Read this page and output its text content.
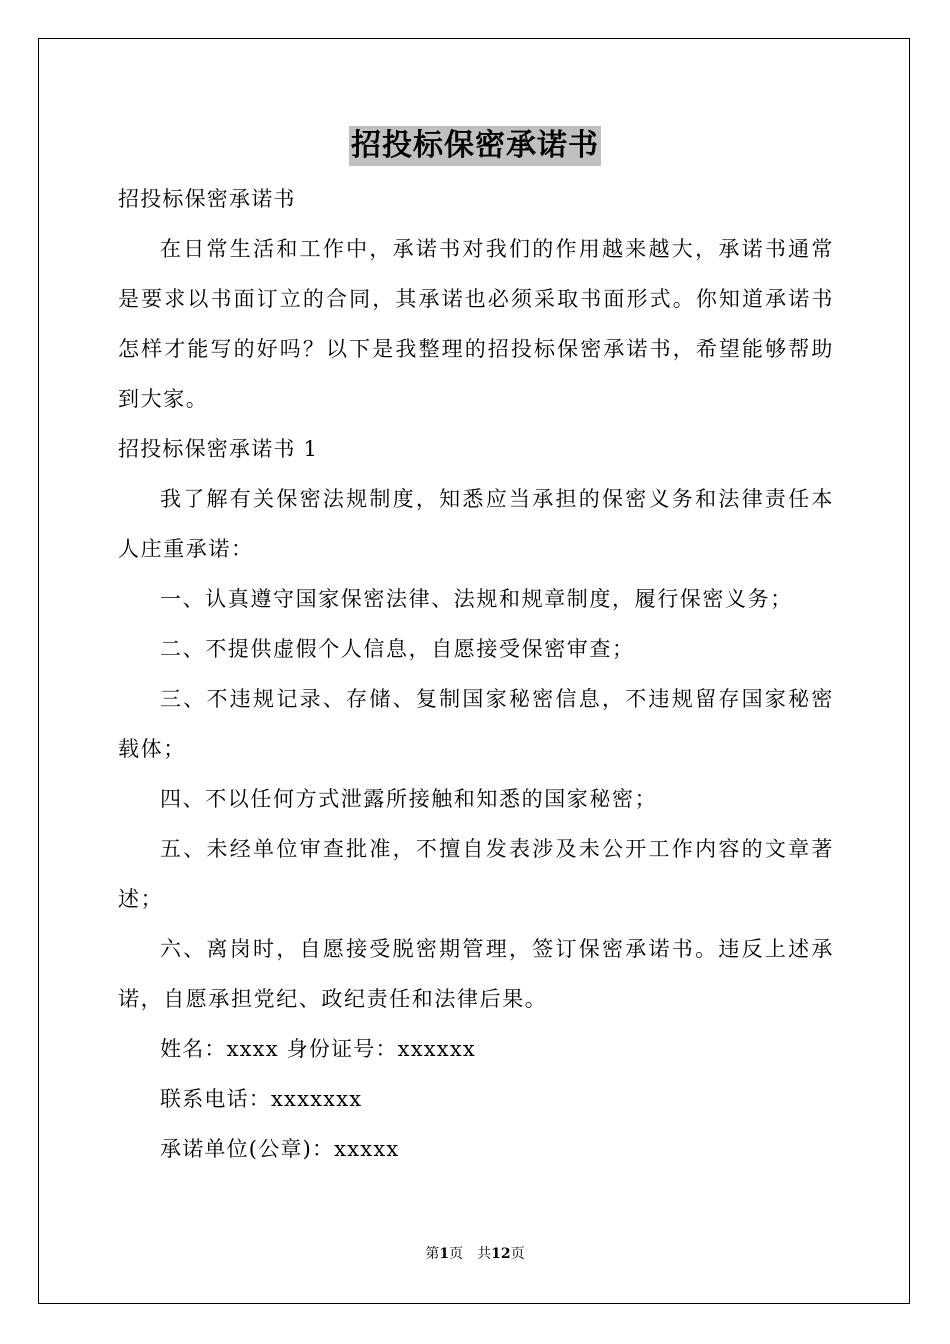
招投标保密承诺书

招投标保密承诺书

在日常生活和工作中，承诺书对我们的作用越来越大，承诺书通常是要求以书面订立的合同，其承诺也必须采取书面形式。你知道承诺书怎样才能写的好吗？以下是我整理的招投标保密承诺书，希望能够帮助到大家。

招投标保密承诺书 1

我了解有关保密法规制度，知悉应当承担的保密义务和法律责任本人庄重承诺：

一、认真遵守国家保密法律、法规和规章制度，履行保密义务；

二、不提供虚假个人信息，自愿接受保密审查；

三、不违规记录、存储、复制国家秘密信息，不违规留存国家秘密载体；

四、不以任何方式泄露所接触和知悉的国家秘密；

五、未经单位审查批准，不擅自发表涉及未公开工作内容的文章著述；

六、离岗时，自愿接受脱密期管理，签订保密承诺书。违反上述承诺，自愿承担党纪、政纪责任和法律后果。

姓名：xxxx 身份证号：xxxxxx

联系电话：xxxxxxx

承诺单位(公章)：xxxxx

第1页 共12页
